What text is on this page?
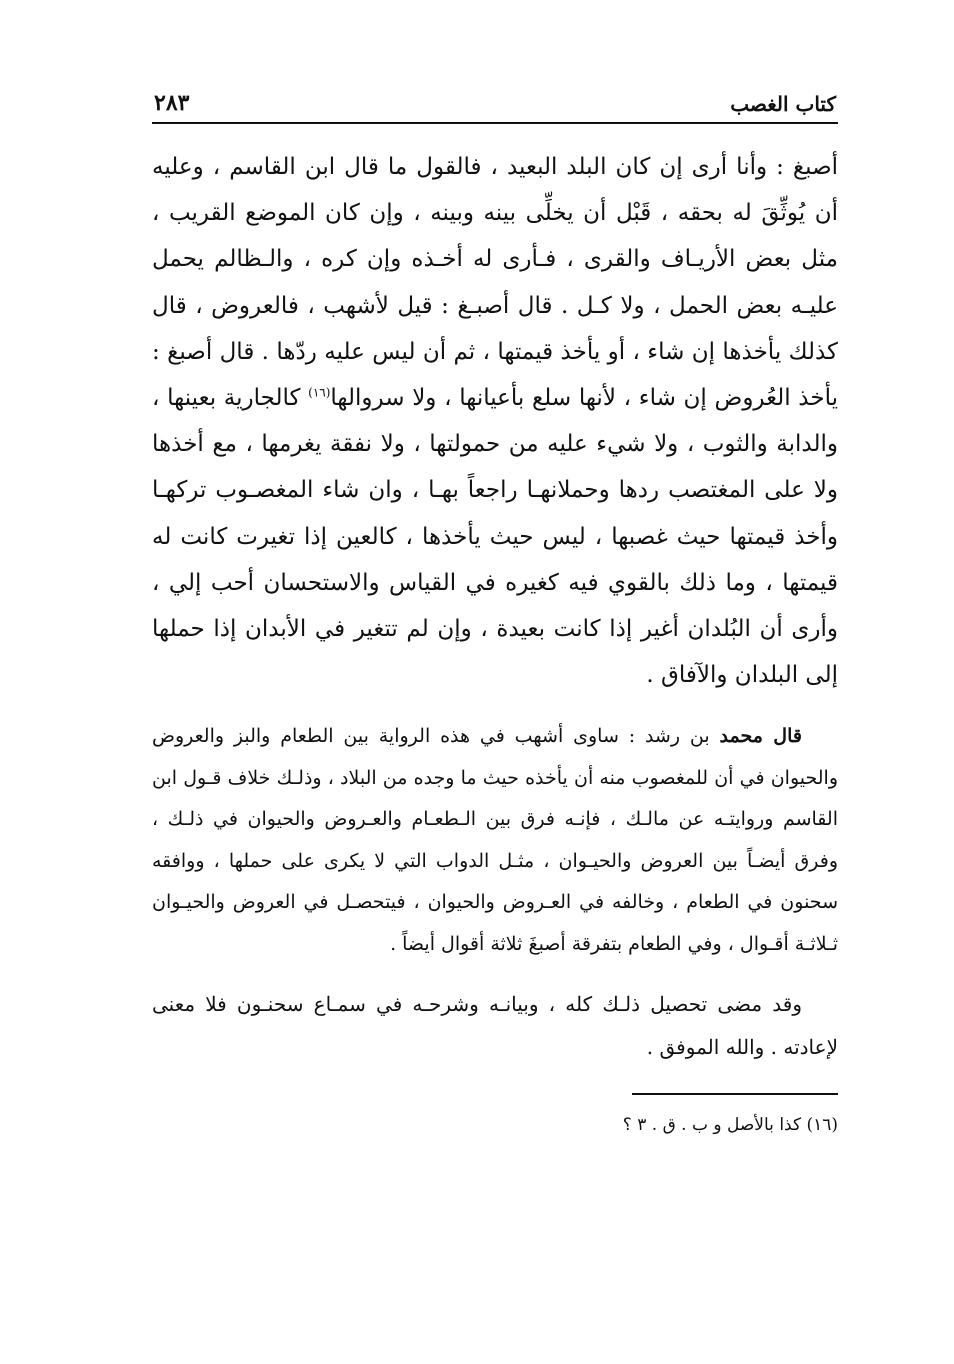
كتاب الغصب
٢٨٣

أصبغ : وأنا أرى إن كان البلد البعيد ، فالقول ما قال ابن القاسم ، وعليه أن يُوثِّقَ له بحقه ، قَبْل أن يخلِّى بينه وبينه ، وإن كان الموضع القريب ، مثل بعض الأريـاف والقرى ، فـأرى له أخـذه وإن كره ، والـظالم يحمل عليـه بعض الحمل ، ولا كـل . قال أصبـغ : قيل لأشهب ، فالعروض ، قال كذلك يأخذها إن شاء ، أو يأخذ قيمتها ، ثم أن ليس عليه ردّها . قال أصبغ : يأخذ العُروض إن شاء ، لأنها سلع بأعيانها ، ولا سروالها$^{(١٦)}$ كالجارية بعينها ، والدابة والثوب ، ولا شيء عليه من حمولتها ، ولا نفقة يغرمها ، مع أخذها ولا على المغتصب ردها وحملانهـا راجعاً بهـا ، وان شاء المغصـوب تركهـا وأخذ قيمتها حيث غصبها ، ليس حيث يأخذها ، كالعين إذا تغيرت كانت له قيمتها ، وما ذلك بالقوي فيه كغيره في القياس والاستحسان أحب إلي ، وأرى أن البُلدان أغير إذا كانت بعيدة ، وإن لم تتغير في الأبدان إذا حملها إلى البلدان والآفاق .

قال محمد بن رشد : ساوى أشهب في هذه الرواية بين الطعام والبز والعروض والحيوان في أن للمغصوب منه أن يأخذه حيث ما وجده من البلاد ، وذلـك خلاف قـول ابن القاسم وروايتـه عن مالـك ، فإنـه فرق بين الـطعـام والعـروض والحيوان في ذلـك ، وفرق أيضـاً بين العروض والحيـوان ، مثـل الدواب التي لا يكرى على حملها ، ووافقه سحنون في الطعام ، وخالفه في العـروض والحيوان ، فيتحصـل في العروض والحيـوان ثـلاثـة أقـوال ، وفي الطعام بتفرقة أصبغَ ثلاثة أقوال أيضاً .

وقد مضى تحصيل ذلـك كله ، وبيانـه وشرحـه في سمـاع سحنـون فلا معنى لإعادته . والله الموفق .

(١٦) كذا بالأصل و ب . ق . ٣ ؟
